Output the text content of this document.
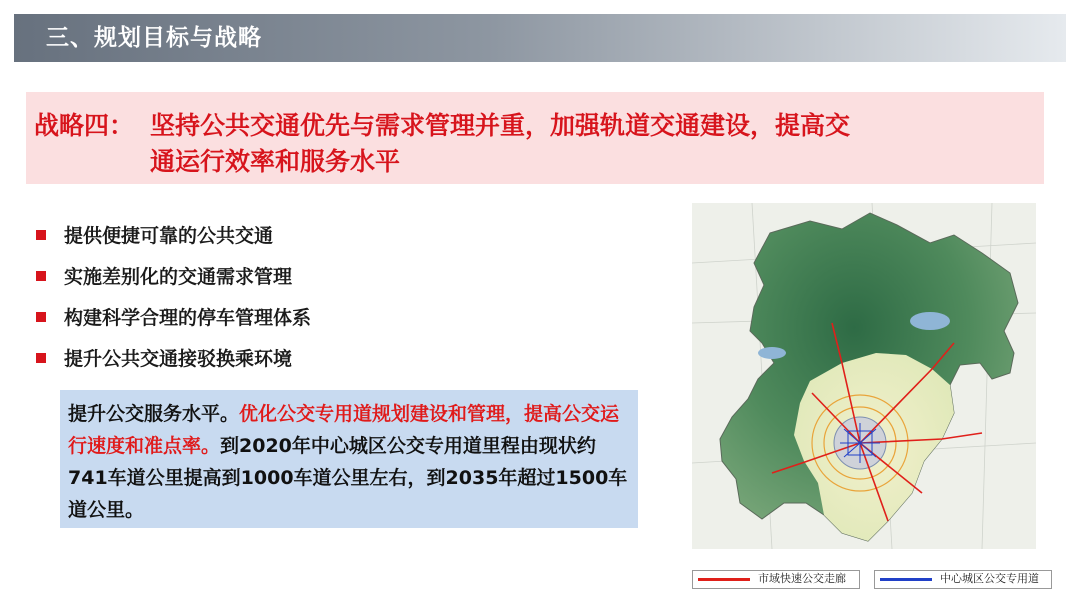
三、规划目标与战略
战略四： 坚持公共交通优先与需求管理并重，加强轨道交通建设，提高交
通运行效率和服务水平
提供便捷可靠的公共交通
实施差别化的交通需求管理
构建科学合理的停车管理体系
提升公共交通接驳换乘环境
提升公交服务水平。优化公交专用道规划建设和管理，提高公交运行速度和准点率。到2020年中心城区公交专用道里程由现状约741车道公里提高到1000车道公里左右，到2035年超过1500车道公里。
市域快速公交走廊	中心城区公交专用道
